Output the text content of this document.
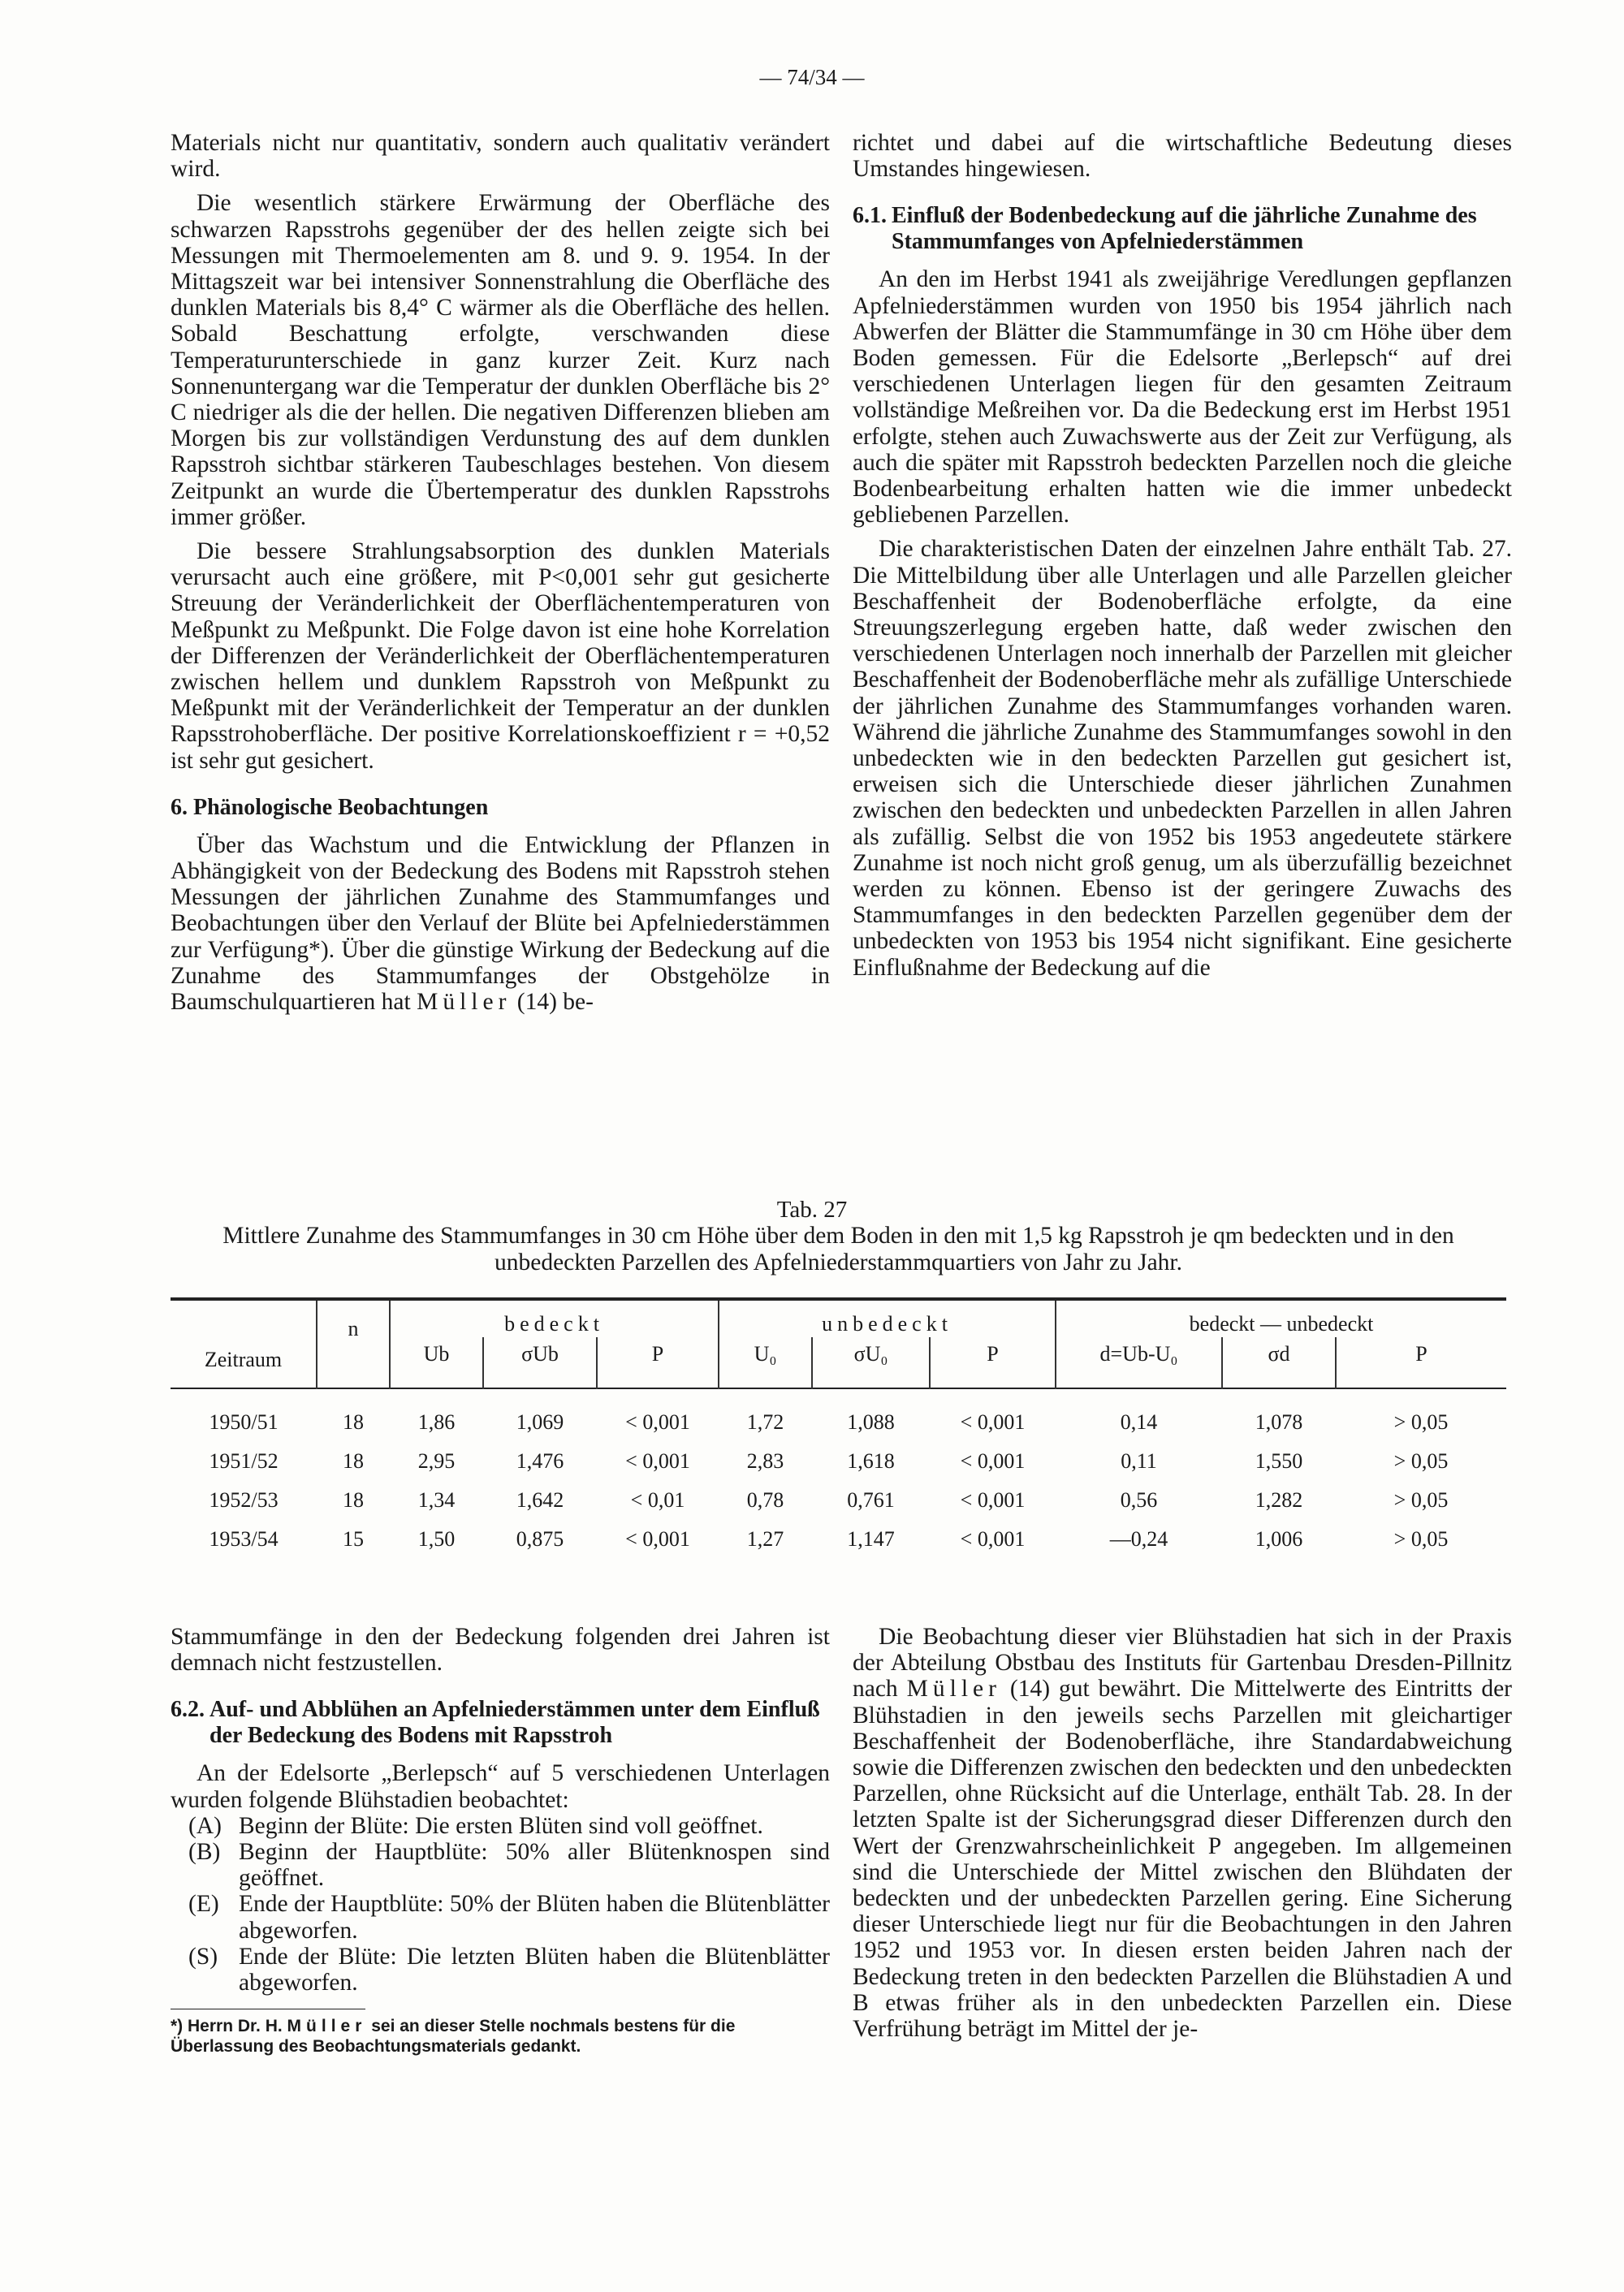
— 74/34 —

Materials nicht nur quantitativ, sondern auch qualitativ verändert wird.

Die wesentlich stärkere Erwärmung der Oberfläche des schwarzen Rapsstrohs gegenüber der des hellen zeigte sich bei Messungen mit Thermoelementen am 8. und 9. 9. 1954. In der Mittagszeit war bei intensiver Sonnenstrahlung die Oberfläche des dunklen Materials bis 8,4° C wärmer als die Oberfläche des hellen. Sobald Beschattung erfolgte, verschwanden diese Temperaturunterschiede in ganz kurzer Zeit. Kurz nach Sonnenuntergang war die Temperatur der dunklen Oberfläche bis 2° C niedriger als die der hellen. Die negativen Differenzen blieben am Morgen bis zur vollständigen Verdunstung des auf dem dunklen Rapsstroh sichtbar stärkeren Taubeschlages bestehen. Von diesem Zeitpunkt an wurde die Übertemperatur des dunklen Rapsstrohs immer größer.

Die bessere Strahlungsabsorption des dunklen Materials verursacht auch eine größere, mit P<0,001 sehr gut gesicherte Streuung der Veränderlichkeit der Oberflächentemperaturen von Meßpunkt zu Meßpunkt. Die Folge davon ist eine hohe Korrelation der Differenzen der Veränderlichkeit der Oberflächentemperaturen zwischen hellem und dunklem Rapsstroh von Meßpunkt zu Meßpunkt mit der Veränderlichkeit der Temperatur an der dunklen Rapsstrohoberfläche. Der positive Korrelationskoeffizient r = +0,52 ist sehr gut gesichert.

6. Phänologische Beobachtungen

Über das Wachstum und die Entwicklung der Pflanzen in Abhängigkeit von der Bedeckung des Bodens mit Rapsstroh stehen Messungen der jährlichen Zunahme des Stammumfanges und Beobachtungen über den Verlauf der Blüte bei Apfelniederstämmen zur Verfügung*). Über die günstige Wirkung der Bedeckung auf die Zunahme des Stammumfanges der Obstgehölze in Baumschulquartieren hat Müller (14) be-

richtet und dabei auf die wirtschaftliche Bedeutung dieses Umstandes hingewiesen.

6.1. Einfluß der Bodenbedeckung auf die jährliche Zunahme des Stammumfanges von Apfelniederstämmen

An den im Herbst 1941 als zweijährige Veredlungen gepflanzen Apfelniederstämmen wurden von 1950 bis 1954 jährlich nach Abwerfen der Blätter die Stammumfänge in 30 cm Höhe über dem Boden gemessen. Für die Edelsorte „Berlepsch“ auf drei verschiedenen Unterlagen liegen für den gesamten Zeitraum vollständige Meßreihen vor. Da die Bedeckung erst im Herbst 1951 erfolgte, stehen auch Zuwachswerte aus der Zeit zur Verfügung, als auch die später mit Rapsstroh bedeckten Parzellen noch die gleiche Bodenbearbeitung erhalten hatten wie die immer unbedeckt gebliebenen Parzellen.

Die charakteristischen Daten der einzelnen Jahre enthält Tab. 27. Die Mittelbildung über alle Unterlagen und alle Parzellen gleicher Beschaffenheit der Bodenoberfläche erfolgte, da eine Streuungszerlegung ergeben hatte, daß weder zwischen den verschiedenen Unterlagen noch innerhalb der Parzellen mit gleicher Beschaffenheit der Bodenoberfläche mehr als zufällige Unterschiede der jährlichen Zunahme des Stammumfanges vorhanden waren. Während die jährliche Zunahme des Stammumfanges sowohl in den unbedeckten wie in den bedeckten Parzellen gut gesichert ist, erweisen sich die Unterschiede dieser jährlichen Zunahmen zwischen den bedeckten und unbedeckten Parzellen in allen Jahren als zufällig. Selbst die von 1952 bis 1953 angedeutete stärkere Zunahme ist noch nicht groß genug, um als überzufällig bezeichnet werden zu können. Ebenso ist der geringere Zuwachs des Stammumfanges in den bedeckten Parzellen gegenüber dem der unbedeckten von 1953 bis 1954 nicht signifikant. Eine gesicherte Einflußnahme der Bedeckung auf die

Tab. 27
Mittlere Zunahme des Stammumfanges in 30 cm Höhe über dem Boden in den mit 1,5 kg Rapsstroh je qm bedeckten und in den unbedeckten Parzellen des Apfelniederstammquartiers von Jahr zu Jahr.
Zeitraum	n	bedeckt			unbedeckt			bedeckt — unbedeckt		
		Ub	σUb	P	U₀	σU₀	P	d=Ub-U₀	σd	P

1950/51	18	1,86	1,069	< 0,001	1,72	1,088	< 0,001	0,14	1,078	> 0,05
1951/52	18	2,95	1,476	< 0,001	2,83	1,618	< 0,001	0,11	1,550	> 0,05
1952/53	18	1,34	1,642	< 0,01	0,78	0,761	< 0,001	0,56	1,282	> 0,05
1953/54	15	1,50	0,875	< 0,001	1,27	1,147	< 0,001	—0,24	1,006	> 0,05

Stammumfänge in den der Bedeckung folgenden drei Jahren ist demnach nicht festzustellen.

6.2. Auf- und Abblühen an Apfelniederstämmen unter dem Einfluß der Bedeckung des Bodens mit Rapsstroh

An der Edelsorte „Berlepsch“ auf 5 verschiedenen Unterlagen wurden folgende Blühstadien beobachtet:

(A) Beginn der Blüte: Die ersten Blüten sind voll geöffnet.
(B) Beginn der Hauptblüte: 50% aller Blütenknospen sind geöffnet.
(E) Ende der Hauptblüte: 50% der Blüten haben die Blütenblätter abgeworfen.
(S) Ende der Blüte: Die letzten Blüten haben die Blütenblätter abgeworfen.
*) Herrn Dr. H. Müller sei an dieser Stelle nochmals bestens für die Überlassung des Beobachtungsmaterials gedankt.

Die Beobachtung dieser vier Blühstadien hat sich in der Praxis der Abteilung Obstbau des Instituts für Gartenbau Dresden-Pillnitz nach Müller (14) gut bewährt. Die Mittelwerte des Eintritts der Blühstadien in den jeweils sechs Parzellen mit gleichartiger Beschaffenheit der Bodenoberfläche, ihre Standardabweichung sowie die Differenzen zwischen den bedeckten und den unbedeckten Parzellen, ohne Rücksicht auf die Unterlage, enthält Tab. 28. In der letzten Spalte ist der Sicherungsgrad dieser Differenzen durch den Wert der Grenzwahrscheinlichkeit P angegeben. Im allgemeinen sind die Unterschiede der Mittel zwischen den Blühdaten der bedeckten und der unbedeckten Parzellen gering. Eine Sicherung dieser Unterschiede liegt nur für die Beobachtungen in den Jahren 1952 und 1953 vor. In diesen ersten beiden Jahren nach der Bedeckung treten in den bedeckten Parzellen die Blühstadien A und B etwas früher als in den unbedeckten Parzellen ein. Diese Verfrühung beträgt im Mittel der je-
